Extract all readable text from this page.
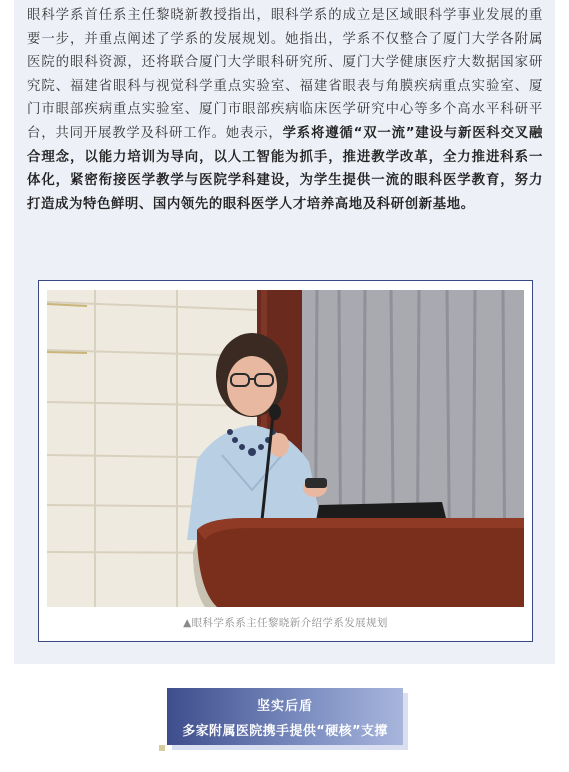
眼科学系首任系主任黎晓新教授指出，眼科学系的成立是区域眼科学事业发展的重要一步，并重点阐述了学系的发展规划。她指出，学系不仅整合了厦门大学各附属医院的眼科资源，还将联合厦门大学眼科研究所、厦门大学健康医疗大数据国家研究院、福建省眼科与视觉科学重点实验室、福建省眼表与角膜疾病重点实验室、厦门市眼部疾病重点实验室、厦门市眼部疾病临床医学研究中心等多个高水平科研平台，共同开展教学及科研工作。她表示，学系将遵循“双一流”建设与新医科交叉融合理念，以能力培训为导向，以人工智能为抓手，推进教学改革，全力推进科系一体化，紧密衔接医学教学与医院学科建设，为学生提供一流的眼科医学教育，努力打造成为特色鲜明、国内领先的眼科医学人才培养高地及科研创新基地。
▲眼科学系系主任黎晓新介绍学系发展规划
坚实后盾
多家附属医院携手提供“硬核”支撑
